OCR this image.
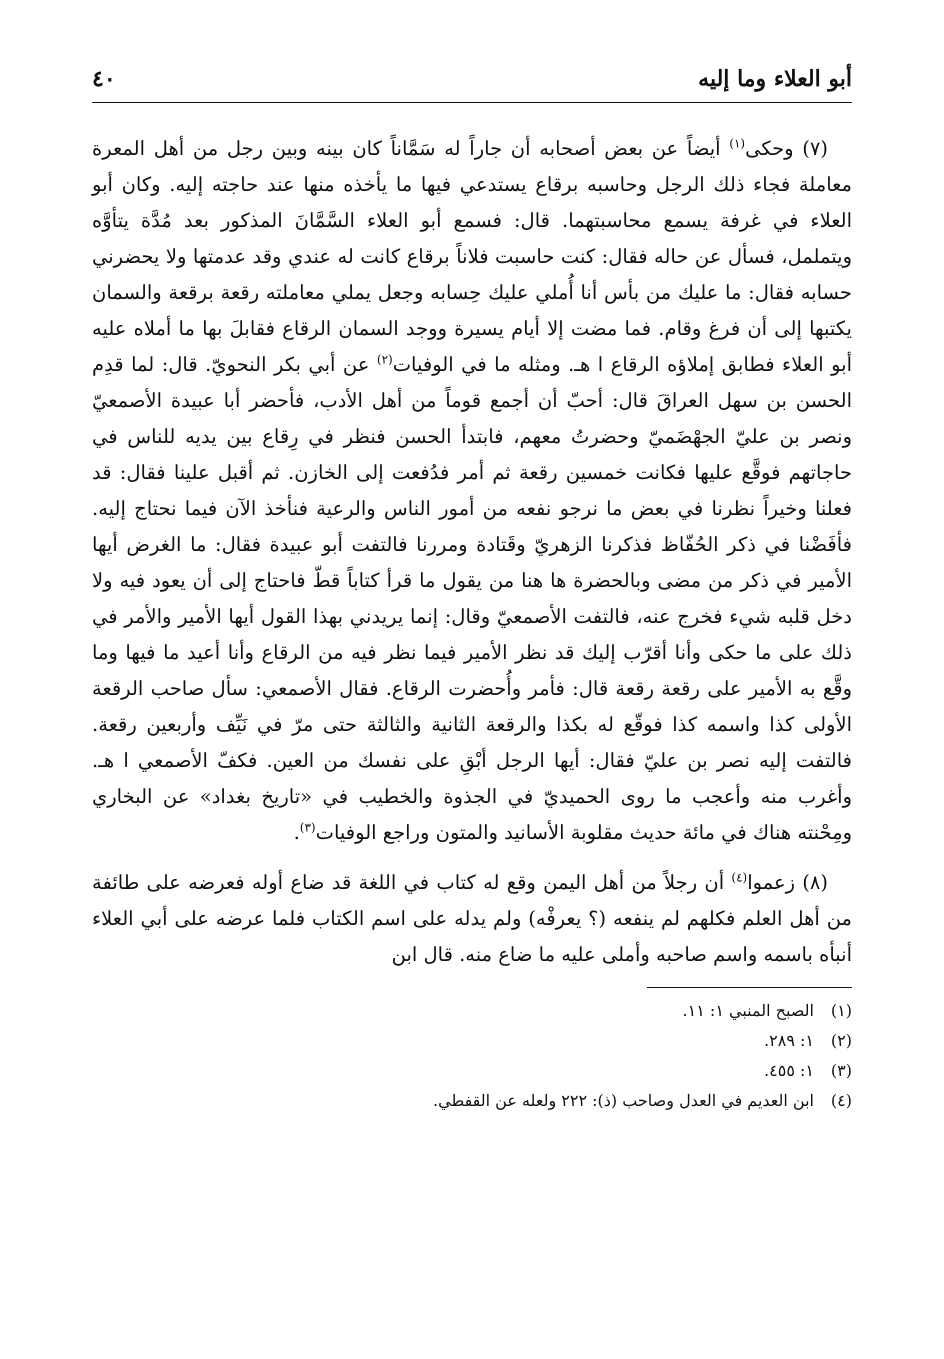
أبو العلاء وما إليه
٤٠

(٧) وحكى$^{(١)}$ أيضاً عن بعض أصحابه أن جاراً له سَمَّاناً كان بينه وبين رجل من أهل المعرة معاملة فجاء ذلك الرجل وحاسبه برقاع يستدعي فيها ما يأخذه منها عند حاجته إليه. وكان أبو العلاء في غرفة يسمع محاسبتهما. قال: فسمع أبو العلاء السَّمَّانَ المذكور بعد مُدَّة يتأوَّه ويتململ، فسأل عن حاله فقال: كنت حاسبت فلاناً برقاع كانت له عندي وقد عدمتها ولا يحضرني حسابه فقال: ما عليك من بأس أنا أُملي عليك حِسابه وجعل يملي معاملته رقعة برقعة والسمان يكتبها إلى أن فرغ وقام. فما مضت إلا أيام يسيرة ووجد السمان الرقاع فقابلَ بها ما أملاه عليه أبو العلاء فطابق إملاؤه الرقاع ا هـ. ومثله ما في الوفيات$^{(٢)}$ عن أبي بكر النحويّ. قال: لما قدِم الحسن بن سهل العراقَ قال: أحبّ أن أجمع قوماً من أهل الأدب، فأحضر أبا عبيدة الأصمعيّ ونصر بن عليّ الجهْضَميّ وحضرتُ معهم، فابتدأ الحسن فنظر في رِقاع بين يديه للناس في حاجاتهم فوقَّع عليها فكانت خمسين رقعة ثم أمر فدُفعت إلى الخازن. ثم أقبل علينا فقال: قد فعلنا وخيراً نظرنا في بعض ما نرجو نفعه من أمور الناس والرعية فنأخذ الآن فيما نحتاج إليه. فأفَضْنا في ذكر الحُفّاظ فذكرنا الزهريّ وقَتادة ومررنا فالتفت أبو عبيدة فقال: ما الغرض أيها الأمير في ذكر من مضى وبالحضرة ها هنا من يقول ما قرأ كتاباً قطّ فاحتاج إلى أن يعود فيه ولا دخل قلبه شيء فخرج عنه، فالتفت الأصمعيّ وقال: إنما يريدني بهذا القول أيها الأمير والأمر في ذلك على ما حكى وأنا أقرّب إليك قد نظر الأمير فيما نظر فيه من الرقاع وأنا أعيد ما فيها وما وقَّع به الأمير على رقعة رقعة قال: فأمر وأُحضرت الرقاع. فقال الأصمعي: سأل صاحب الرقعة الأولى كذا واسمه كذا فوقّع له بكذا والرقعة الثانية والثالثة حتى مرّ في نَيِّف وأربعين رقعة. فالتفت إليه نصر بن عليّ فقال: أيها الرجل أبْقِ على نفسك من العين. فكفّ الأصمعي ا هـ. وأغرب منه وأعجب ما روى الحميديّ في الجذوة والخطيب في «تاريخ بغداد» عن البخاري ومِحْنته هناك في مائة حديث مقلوبة الأسانيد والمتون وراجع الوفيات$^{(٣)}$.

(٨) زعموا$^{(٤)}$ أن رجلاً من أهل اليمن وقع له كتاب في اللغة قد ضاع أوله فعرضه على طائفة من أهل العلم فكلهم لم ينفعه (؟ يعرفْه) ولم يدله على اسم الكتاب فلما عرضه على أبي العلاء أنبأه باسمه واسم صاحبه وأملى عليه ما ضاع منه. قال ابن

(١)
الصبح المنبي ١: ١١.
(٢)
١: ٢٨٩.
(٣)
١: ٤٥٥.
(٤)
ابن العديم في العدل وصاحب (ذ): ٢٢٢ ولعله عن القفطي.
